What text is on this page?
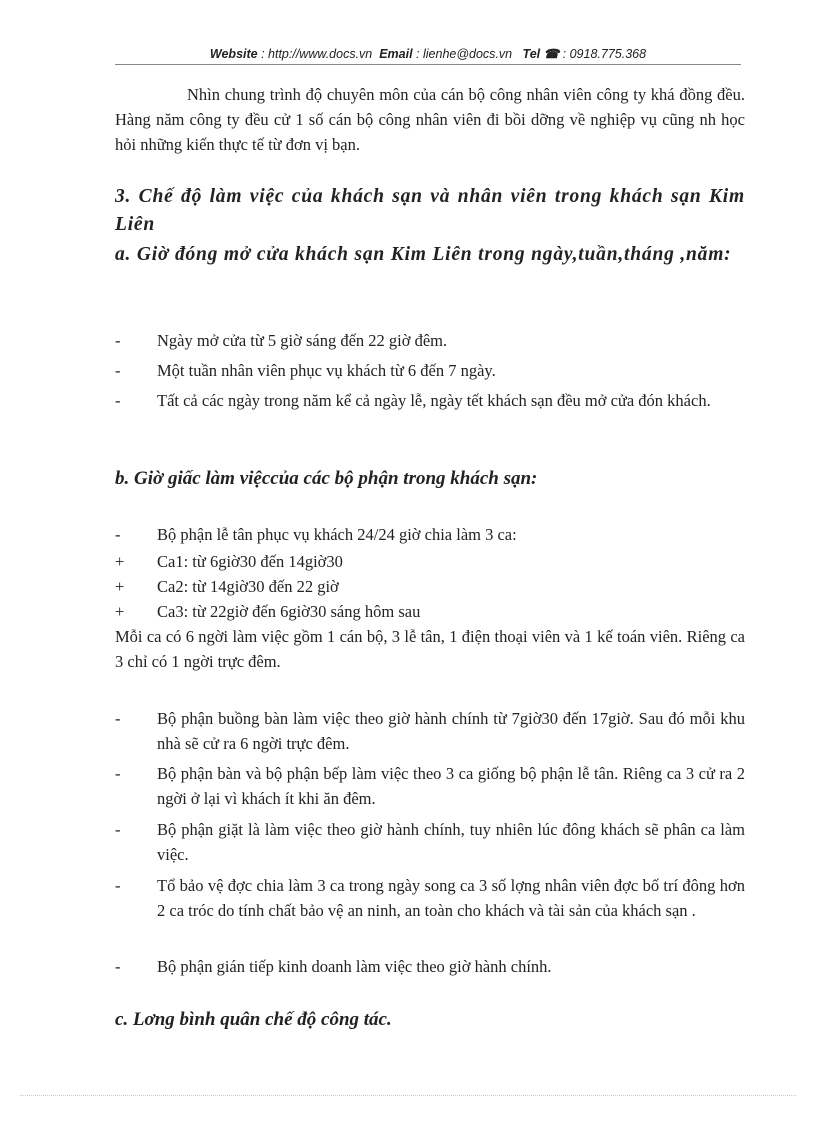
Website : http://www.docs.vn Email : lienhe@docs.vn Tel ☎ : 0918.775.368
Nhìn chung trình độ chuyên môn của cán bộ công nhân viên công ty khá đồng đều. Hàng năm công ty đều cử 1 số cán bộ công nhân viên đi bồi dỡng về nghiệp vụ cũng nh học hỏi những kiến thực tế từ đơn vị bạn.
3. Chế độ làm việc của khách sạn và nhân viên trong khách sạn Kim Liên
a. Giờ đóng mở cửa khách sạn Kim Liên trong ngày,tuần,tháng ,năm:
-	Ngày mở cửa từ 5 giờ sáng đến 22 giờ đêm.
-	Một tuần nhân viên phục vụ khách từ 6 đến 7 ngày.
-	Tất cả các ngày trong năm kể cả ngày lễ, ngày tết khách sạn đều mở cửa đón khách.
b. Giờ giấc làm việccủa các bộ phận trong khách sạn:
-	Bộ phận lễ tân phục vụ khách 24/24 giờ chia làm 3 ca:
+	Ca1: từ 6giờ30 đến 14giờ30
+	Ca2: từ 14giờ30 đến 22 giờ
+	Ca3: từ 22giờ đến 6giờ30 sáng hôm sau
Mỗi ca có 6 ngời làm việc gồm 1 cán bộ, 3 lễ tân, 1 điện thoại viên và 1 kế toán viên. Riêng ca 3 chỉ có 1 ngời trực đêm.
-	Bộ phận buồng bàn làm việc theo giờ hành chính từ 7giờ30 đến 17giờ. Sau đó mỗi khu nhà sẽ cử ra 6 ngời trực đêm.
-	Bộ phận bàn và bộ phận bếp làm việc theo 3 ca giống bộ phận lễ tân. Riêng ca 3 cử ra 2 ngời ở lại vì khách ít khi ăn đêm.
-	Bộ phận giặt là làm việc theo giờ hành chính, tuy nhiên lúc đông khách sẽ phân ca làm việc.
-	Tổ bảo vệ đợc chia làm 3 ca trong ngày song ca 3 số lợng nhân viên đợc bố trí đông hơn 2 ca tróc do tính chất bảo vệ an ninh, an toàn cho khách và tài sản của khách sạn .
-	Bộ phận gián tiếp kinh doanh làm việc theo giờ hành chính.
c. Lơng bình quân chế độ công tác.
